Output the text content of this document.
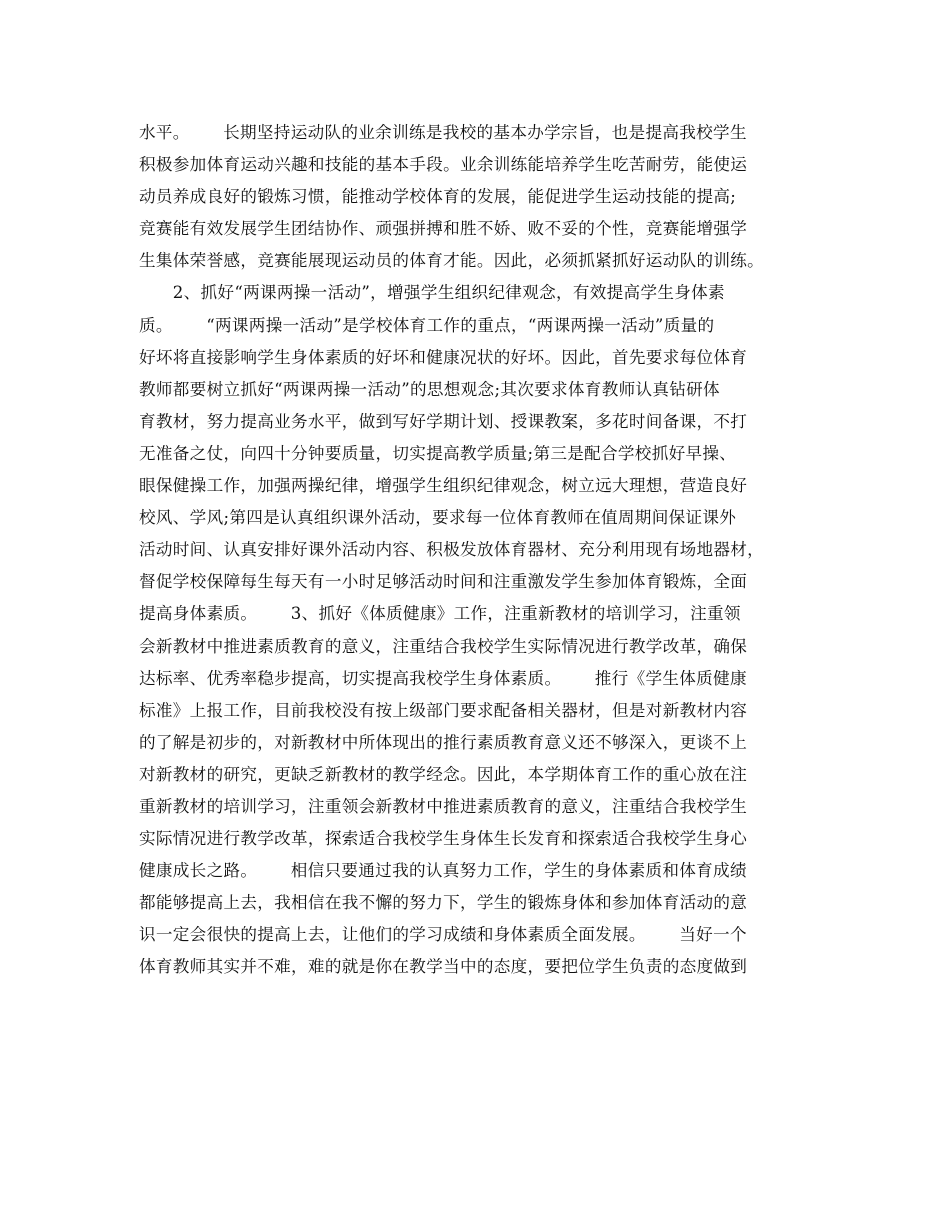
水平。      长期坚持运动队的业余训练是我校的基本办学宗旨，也是提高我校学生
积极参加体育运动兴趣和技能的基本手段。业余训练能培养学生吃苦耐劳，能使运
动员养成良好的锻炼习惯，能推动学校体育的发展，能促进学生运动技能的提高;
竞赛能有效发展学生团结协作、顽强拼搏和胜不娇、败不妥的个性，竞赛能增强学
生集体荣誉感，竞赛能展现运动员的体育才能。因此，必须抓紧抓好运动队的训练。
　　2、抓好“两课两操一活动”，增强学生组织纪律观念，有效提高学生身体素
质。      “两课两操一活动”是学校体育工作的重点，“两课两操一活动”质量的
好坏将直接影响学生身体素质的好坏和健康况状的好坏。因此，首先要求每位体育
教师都要树立抓好“两课两操一活动”的思想观念;其次要求体育教师认真钻研体
育教材，努力提高业务水平，做到写好学期计划、授课教案，多花时间备课，不打
无准备之仗，向四十分钟要质量，切实提高教学质量;第三是配合学校抓好早操、
眼保健操工作，加强两操纪律，增强学生组织纪律观念，树立远大理想，营造良好
校风、学风;第四是认真组织课外活动，要求每一位体育教师在值周期间保证课外
活动时间、认真安排好课外活动内容、积极发放体育器材、充分利用现有场地器材，
督促学校保障每生每天有一小时足够活动时间和注重激发学生参加体育锻炼，全面
提高身体素质。      3、抓好《体质健康》工作，注重新教材的培训学习，注重领
会新教材中推进素质教育的意义，注重结合我校学生实际情况进行教学改革，确保
达标率、优秀率稳步提高，切实提高我校学生身体素质。      推行《学生体质健康
标准》上报工作，目前我校没有按上级部门要求配备相关器材，但是对新教材内容
的了解是初步的，对新教材中所体现出的推行素质教育意义还不够深入，更谈不上
对新教材的研究，更缺乏新教材的教学经念。因此，本学期体育工作的重心放在注
重新教材的培训学习，注重领会新教材中推进素质教育的意义，注重结合我校学生
实际情况进行教学改革，探索适合我校学生身体生长发育和探索适合我校学生身心
健康成长之路。      相信只要通过我的认真努力工作，学生的身体素质和体育成绩
都能够提高上去，我相信在我不懈的努力下，学生的锻炼身体和参加体育活动的意
识一定会很快的提高上去，让他们的学习成绩和身体素质全面发展。      当好一个
体育教师其实并不难，难的就是你在教学当中的态度，要把位学生负责的态度做到
